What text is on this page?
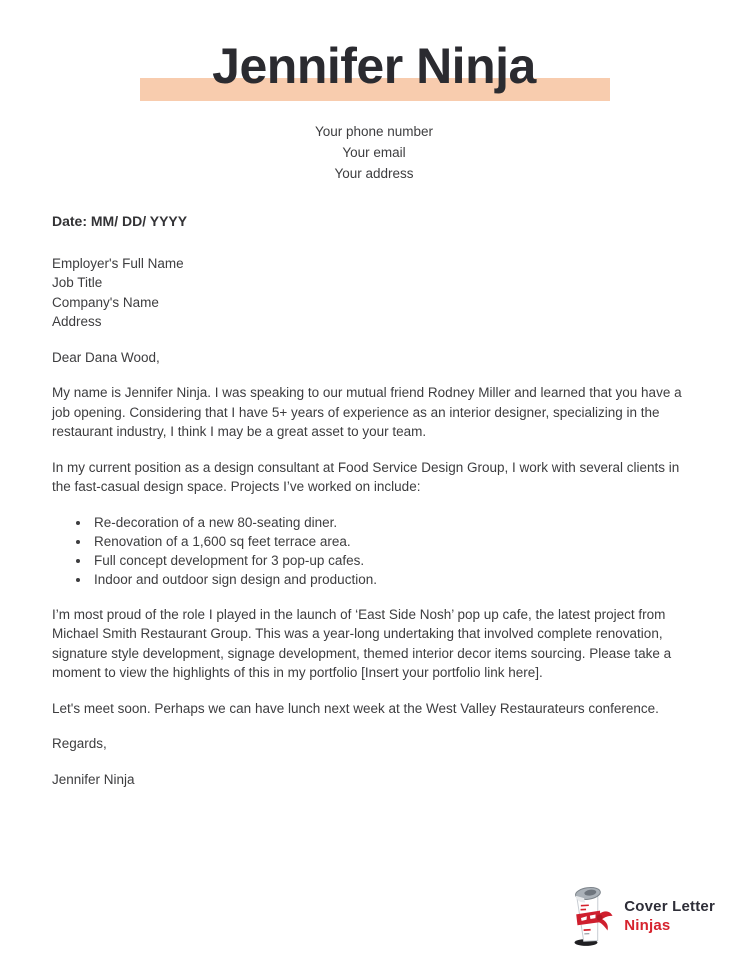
Jennifer Ninja
Your phone number
Your email
Your address

Date: MM/ DD/ YYYY

Employer's Full Name
Job Title
Company's Name
Address

Dear Dana Wood,

My name is Jennifer Ninja. I was speaking to our mutual friend Rodney Miller and learned that you have a job opening. Considering that I have 5+ years of experience as an interior designer, specializing in the restaurant industry, I think I may be a great asset to your team.

In my current position as a design consultant at Food Service Design Group, I work with several clients in the fast-casual design space. Projects I’ve worked on include:

Re-decoration of a new 80-seating diner.
Renovation of a 1,600 sq feet terrace area.
Full concept development for 3 pop-up cafes.
Indoor and outdoor sign design and production.

I’m most proud of the role I played in the launch of ‘East Side Nosh’ pop up cafe, the latest project from Michael Smith Restaurant Group. This was a year-long undertaking that involved complete renovation, signature style development, signage development, themed interior decor items sourcing. Please take a moment to view the highlights of this in my portfolio [Insert your portfolio link here].

Let's meet soon. Perhaps we can have lunch next week at the West Valley Restaurateurs conference.

Regards,

Jennifer Ninja

Cover Letter
Ninjas
